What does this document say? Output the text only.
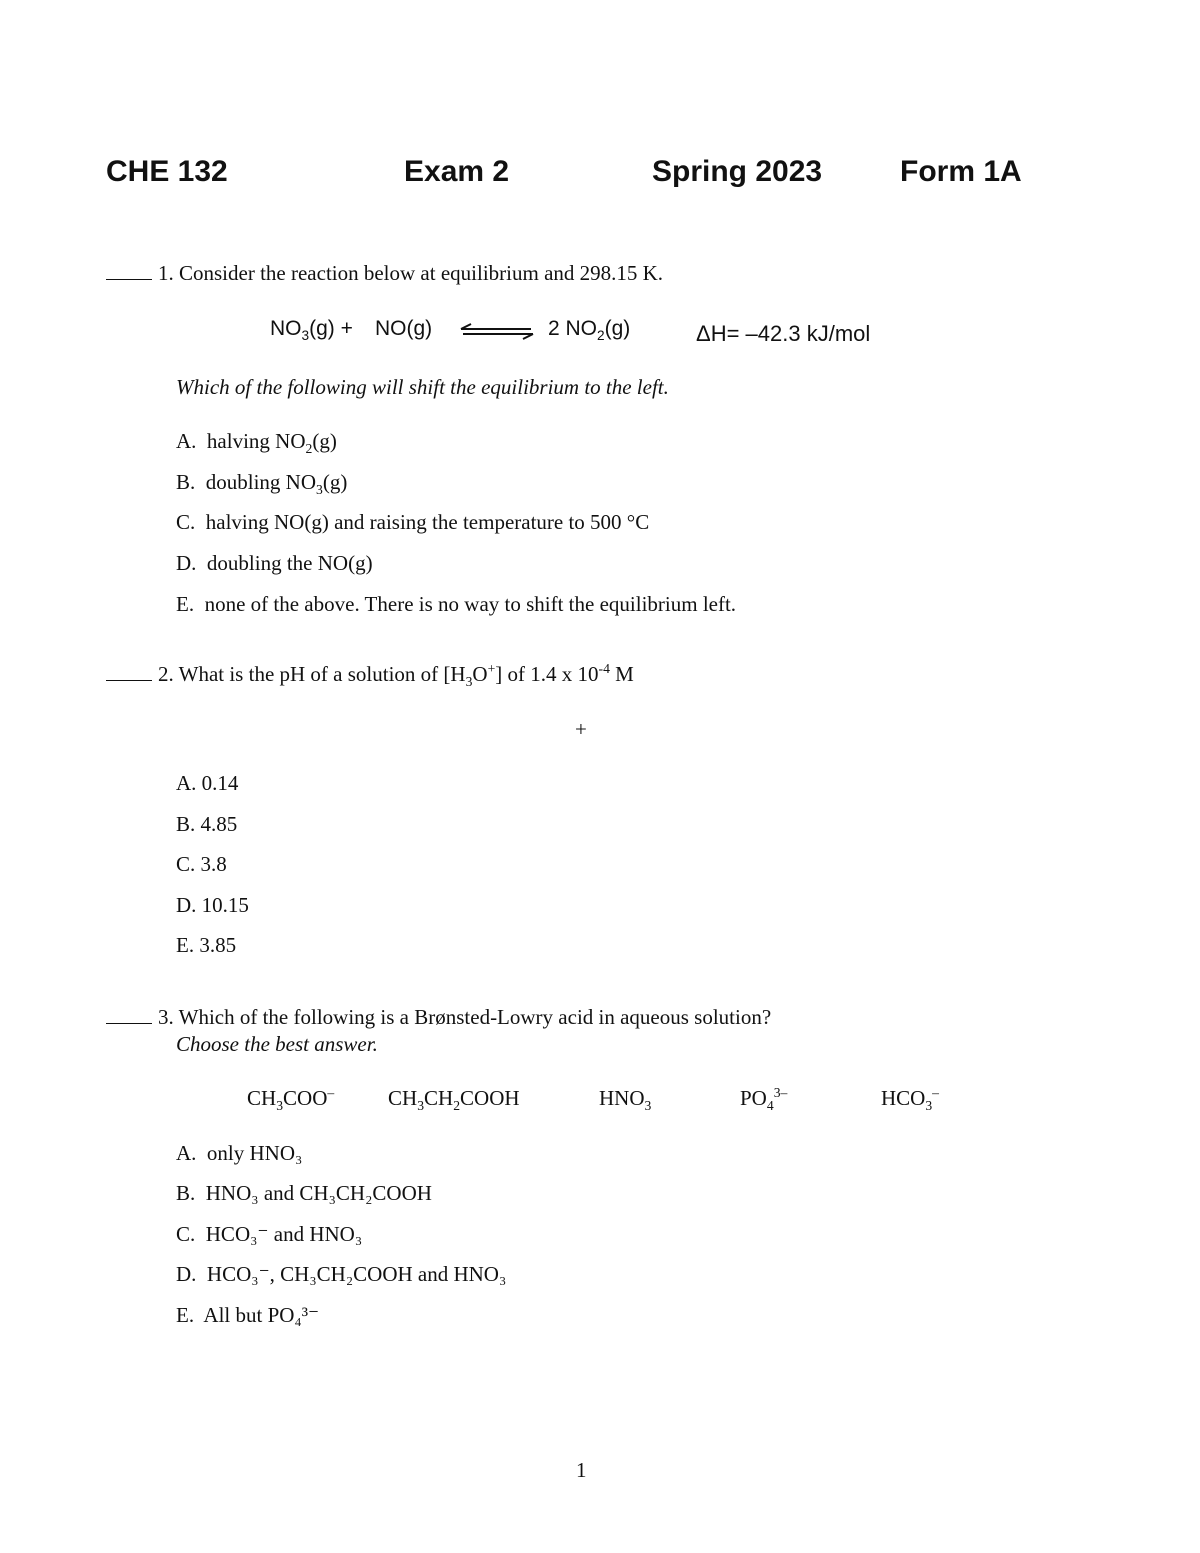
CHE 132	Exam 2	Spring 2023	Form 1A
1. Consider the reaction below at equilibrium and 298.15 K.
$NO_3(g) + NO(g)$	2 $NO_2(g)$	ΔH= –42.3 kJ/mol
Which of the following will shift the equilibrium to the left.
A. halving $NO_2(g)$
B. doubling $NO_3(g)$
C. halving NO(g) and raising the temperature to 500 °C
D. doubling the NO(g)
E. none of the above. There is no way to shift the equilibrium left.
2. What is the pH of a solution of $[H_3O^+]$ of 1.4 x $10^{-4}$ M
+
A. 0.14
B. 4.85
C. 3.8
D. 10.15
E. 3.85
3. Which of the following is a Brønsted-Lowry acid in aqueous solution?
Choose the best answer.
$CH_3COO^-$	$CH_3CH_2COOH$	$HNO_3$	$PO_4^{3-}$	$HCO_3^-$
A. only HNO₃
B. HNO₃ and CH₃CH₂COOH
C. HCO₃⁻ and HNO₃
D. HCO₃⁻, CH₃CH₂COOH and HNO₃
E. All but PO₄³⁻
1
